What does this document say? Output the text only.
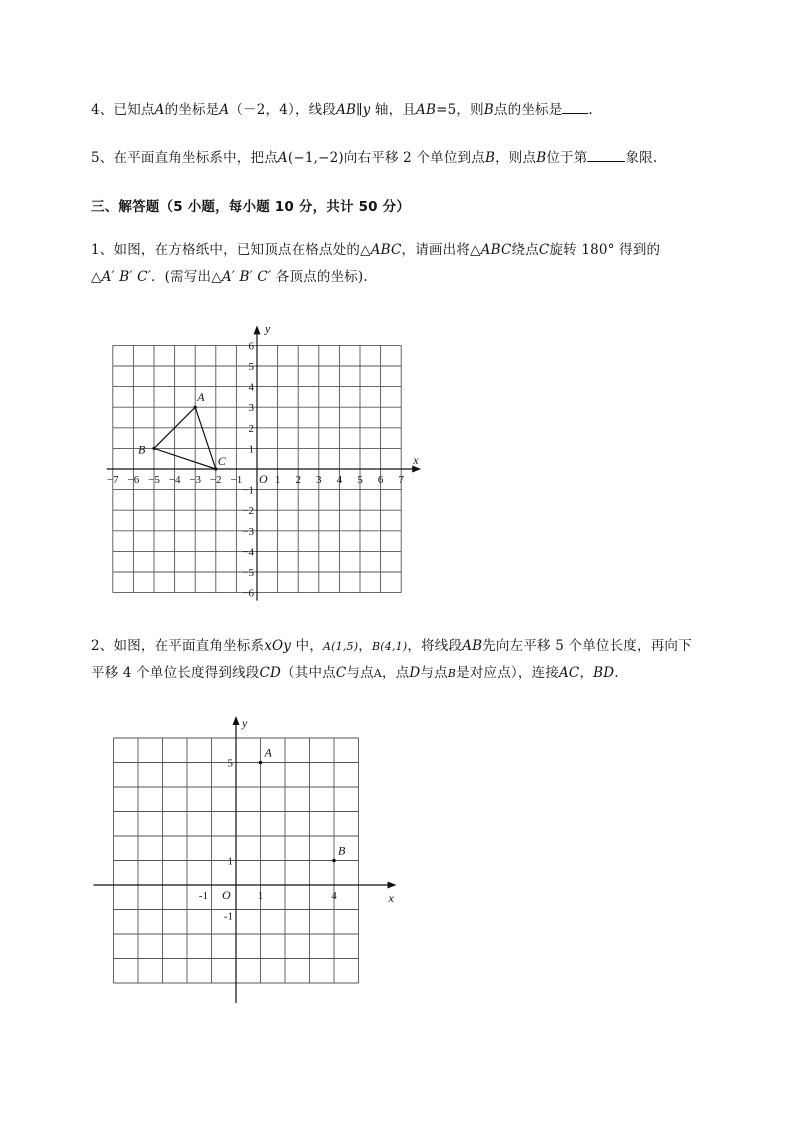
4、已知点A的坐标是A（－2，4），线段AB∥y 轴，且AB=5，则B点的坐标是 .
5、在平面直角坐标系中，把点A(−1,−2)向右平移 2 个单位到点B，则点B位于第	象限.
三、解答题（5 小题，每小题 10 分，共计 50 分）
1、如图，在方格纸中，已知顶点在格点处的△ABC，请画出将△ABC绕点C旋转 180° 得到的
△A′ B′ C′．(需写出△A′ B′ C′ 各顶点的坐标).
x
y
O
−7 −6 −5 −4 −3 −2 −1	1 2 3 4 5 6 7
6
5
4
3
2
1
−1
−2
−3
−4
−5
−6
A
B
C
2、如图，在平面直角坐标系xOy 中，A(1,5)，B(4,1)，将线段AB先向左平移 5 个单位长度，再向下
平移 4 个单位长度得到线段CD（其中点C与点A，点D与点B是对应点），连接AC，BD.
x
y
O
-1	1	4
5
1
-1
A
B
